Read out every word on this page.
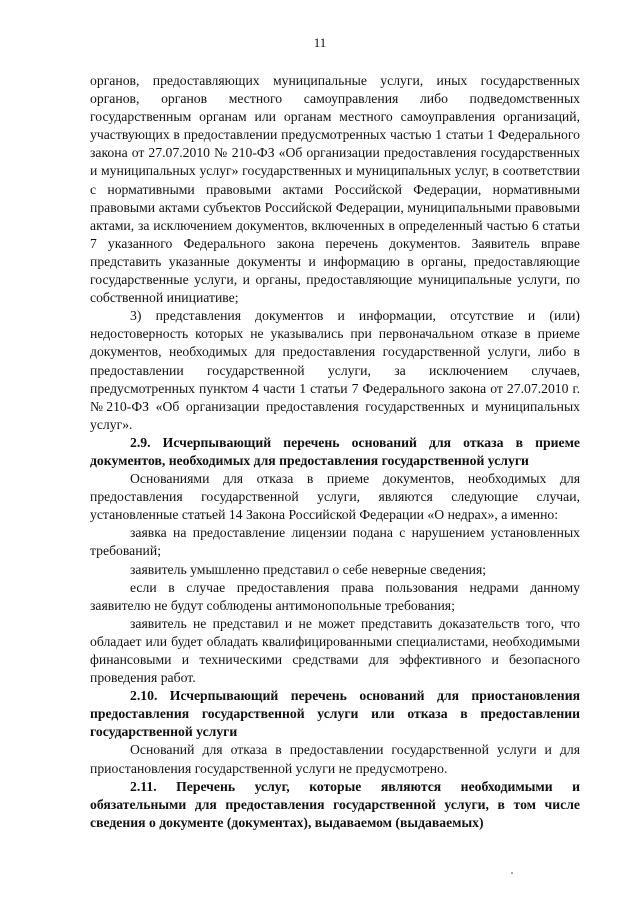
11

органов, предоставляющих муниципальные услуги, иных государственных органов, органов местного самоуправления либо подведомственных государственным органам или органам местного самоуправления организаций, участвующих в предоставлении предусмотренных частью 1 статьи 1 Федерального закона от 27.07.2010 № 210-ФЗ «Об организации предоставления государственных и муниципальных услуг» государственных и муниципальных услуг, в соответствии с нормативными правовыми актами Российской Федерации, нормативными правовыми актами субъектов Российской Федерации, муниципальными правовыми актами, за исключением документов, включенных в определенный частью 6 статьи 7 указанного Федерального закона перечень документов. Заявитель вправе представить указанные документы и информацию в органы, предоставляющие государственные услуги, и органы, предоставляющие муниципальные услуги, по собственной инициативе;

3) представления документов и информации, отсутствие и (или) недостоверность которых не указывались при первоначальном отказе в приеме документов, необходимых для предоставления государственной услуги, либо в предоставлении государственной услуги, за исключением случаев, предусмотренных пунктом 4 части 1 статьи 7 Федерального закона от 27.07.2010 г. №210-ФЗ «Об организации предоставления государственных и муниципальных услуг».

2.9. Исчерпывающий перечень оснований для отказа в приеме документов, необходимых для предоставления государственной услуги

Основаниями для отказа в приеме документов, необходимых для предоставления государственной услуги, являются следующие случаи, установленные статьей 14 Закона Российской Федерации «О недрах», а именно:

заявка на предоставление лицензии подана с нарушением установленных требований;

заявитель умышленно представил о себе неверные сведения;

если в случае предоставления права пользования недрами данному заявителю не будут соблюдены антимонопольные требования;

заявитель не представил и не может представить доказательств того, что обладает или будет обладать квалифицированными специалистами, необходимыми финансовыми и техническими средствами для эффективного и безопасного проведения работ.

2.10. Исчерпывающий перечень оснований для приостановления предоставления государственной услуги или отказа в предоставлении государственной услуги

Оснований для отказа в предоставлении государственной услуги и для приостановления государственной услуги не предусмотрено.

2.11. Перечень услуг, которые являются необходимыми и обязательными для предоставления государственной услуги, в том числе сведения о документе (документах), выдаваемом (выдаваемых)
